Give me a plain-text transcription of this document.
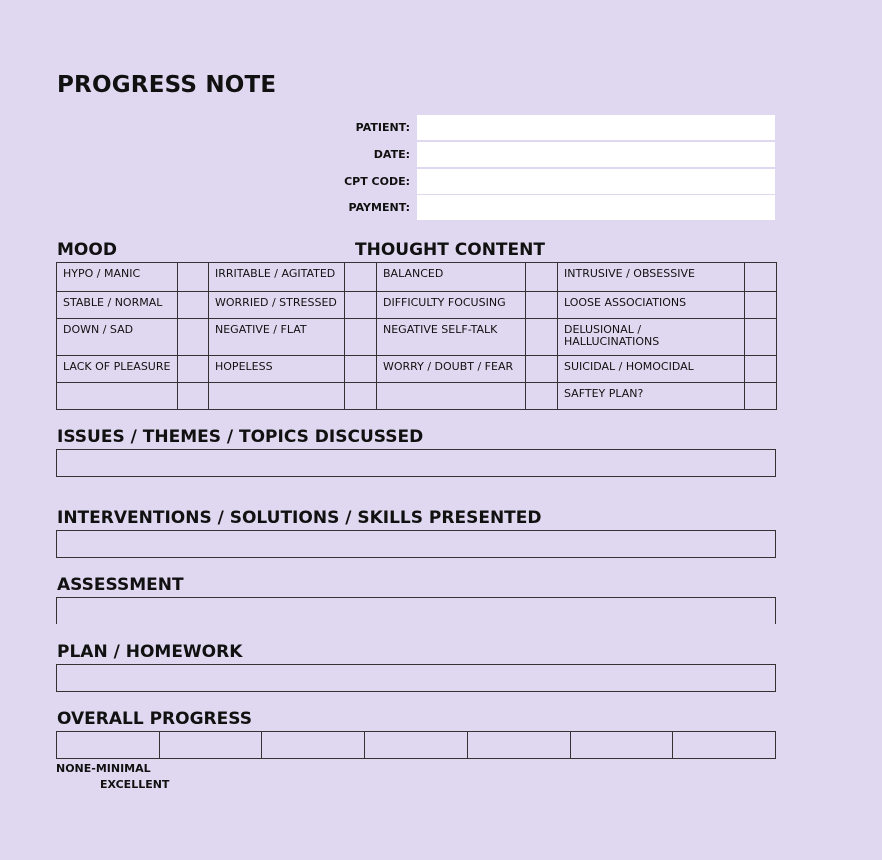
PROGRESS NOTE
PATIENT:
DATE:
CPT CODE:
PAYMENT:
MOOD	THOUGHT CONTENT
HYPO / MANIC		IRRITABLE / AGITATED		BALANCED		INTRUSIVE / OBSESSIVE	
STABLE / NORMAL		WORRIED / STRESSED		DIFFICULTY FOCUSING		LOOSE ASSOCIATIONS	
DOWN / SAD		NEGATIVE / FLAT		NEGATIVE SELF-TALK		DELUSIONAL / HALLUCINATIONS	
LACK OF PLEASURE		HOPELESS		WORRY / DOUBT / FEAR		SUICIDAL / HOMOCIDAL	
						SAFTEY PLAN?	
ISSUES / THEMES / TOPICS DISCUSSED
INTERVENTIONS / SOLUTIONS / SKILLS PRESENTED
ASSESSMENT
PLAN / HOMEWORK
OVERALL PROGRESS
NONE-MINIMAL
EXCELLENT
